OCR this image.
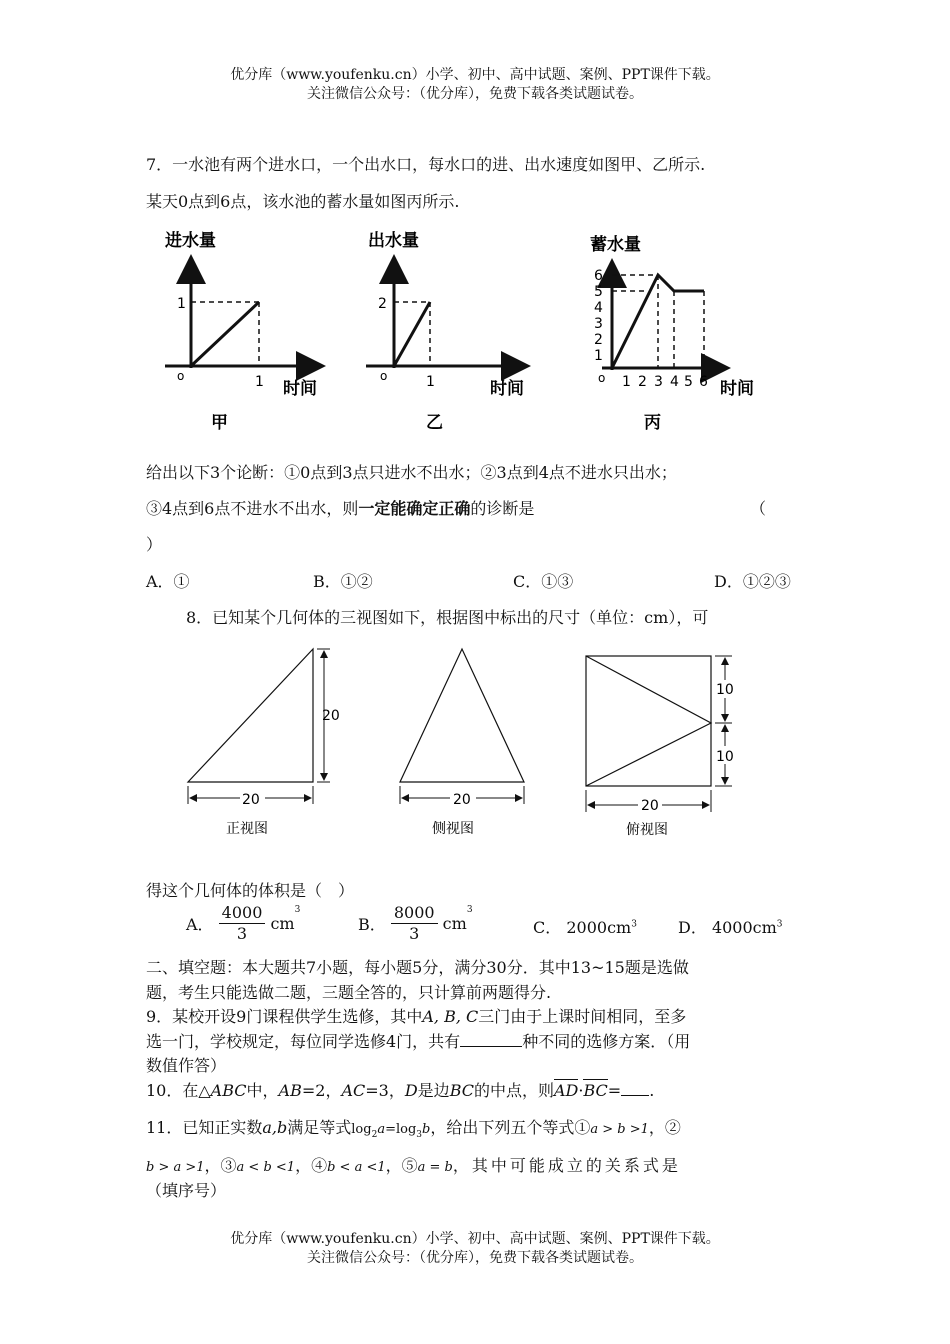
优分库（www.youfenku.cn）小学、初中、高中试题、案例、PPT课件下载。
关注微信公众号：（优分库），免费下载各类试题试卷。
7．一水池有两个进水口，一个出水口，每水口的进、出水速度如图甲、乙所示.
某天0点到6点，该水池的蓄水量如图丙所示.
进水量
o
1
1 时间
甲
出水量
o
2
1	时间
乙
蓄水量
o
6
5
4
3
2
1
1 2 3 4 5 6 时间
丙
给出以下3个论断：①0点到3点只进水不出水；②3点到4点不进水只出水；
③4点到6点不进水不出水，则一定能确定正确的诊断是	（
）
A．①	B．①②	C．①③	D．①②③
8．已知某个几何体的三视图如下，根据图中标出的尺寸（单位：cm），可
20
20
正视图
20
侧视图
10
10
20
俯视图
得这个几何体的体积是（　）
A． $\frac{4000}{3} cm^3$
B． $\frac{8000}{3} cm^3$
C． $2000cm^3$	D． $4000cm^3$
二、填空题：本大题共7小题，每小题5分，满分30分．其中13~15题是选做
题，考生只能选做二题，三题全答的，只计算前两题得分.
9．某校开设9门课程供学生选修，其中A, B, C三门由于上课时间相同，至多
选一门，学校规定，每位同学选修4门，共有	种不同的选修方案．（用
数值作答）
10．在△ABC中，AB=2，AC=3，D是边BC的中点，则AD·BC= .
11．已知正实数a,b满足等式$\log_2a=\log_3b$，给出下列五个等式①a > b >1，②
b > a >1，③a < b <1，④b < a <1，⑤a = b，其中可能成立的关系式是
（填序号）
优分库（www.youfenku.cn）小学、初中、高中试题、案例、PPT课件下载。
关注微信公众号：（优分库），免费下载各类试题试卷。
